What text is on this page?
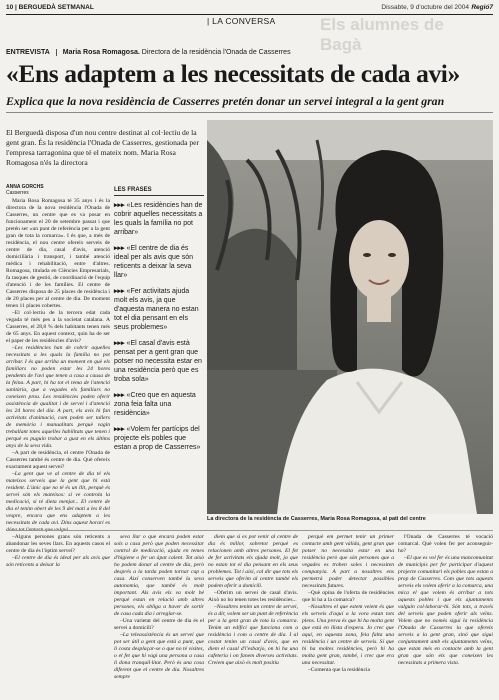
10 | BERGUEDÀ SETMANAL	Dissabte, 9 d'octubre del 2004 Regió7
| LA CONVERSA	Els alumnes de Bagà
ENTREVISTA Maria Rosa Romagosa. Directora de la residència l'Onada de Casserres
«Ens adaptem a les necessitats de cada avi»
Explica que la nova residència de Casserres pretén donar un servei integral a la gent gran
El Berguedà disposa d'un nou centre destinat al col·lectiu de la gent gran. És la residència l'Onada de Casserres, gestionada per l'empresa tarragonina que té el mateix nom. Maria Rosa Romagosa n'és la directora
ANNA GORCHS
Casserres

Maria Rosa Romagosa té 35 anys i és la directora de la nova residència l'Onada de Casserres, un centre que es va posar en funcionament el 20 de setembre passat i que pretén ser «un punt de referència per a la gent gran de tota la comarca». I és que, a més de residència, el nou centre ofereix serveis de centre de dia, casal d'avis, atenció domiciliària i transport, i també atenció mèdica i rehabilitació, entre d'altres. Romagosa, titulada en Ciències Empresarials, fa tasques de gestió, de coordinació de l'equip d'atenció i de les famílies. El centre de Casserres disposa de 25 places de residència i de 20 places per al centre de dia. De moment tenen 11 places cobertes.

–El col·lectiu de la tercera edat cada vegada té més pes a la societat catalana. A Casserres, el 28,8 % dels habitants tenen més de 65 anys. En aquest context, quin ha de ser el paper de les residències d'avis?

–Les residències han de cobrir aquelles necessitats a les quals la família no pot arribar. I és que arriba un moment en què els familiars no poden estar les 24 hores pendents de l'avi que tenen a casa a causa de la feina. A part, hi ha tot el tema de l'atenció sanitària, que a vegades els familiars no coneixen prou. Les residències poden oferir assistència de qualitat i de servei i d'atenció les 24 hores del dia. A part, els avis hi fan activitats d'animació, com poden ser tallers de memòria i manualitats perquè vagin treballant totes aquelles habilitats que tenen i perquè es puguin trobar a gust en els últims anys de la seva vida.

–A part de residència, el centre l'Onada de Casserres també és centre de dia. Què ofereix exactament aquest servei?

–La gent que ve al centre de dia té els mateixos serveis que la gent que hi està resident. L'únic que no té és un llit, perquè és servei són els mateixos: si ve controla la medicació, si té dieta menjar... El centre de dia el tenim obert de les 9 del matí a les 8 del vespre, encara que ens adaptem a les necessitats de cada avi. Dins aquest horari es

–Alguns persones grans són reticents a abandonar les seves llars. En aquests casos el centre de dia és l'òptim servei?

–El centre de dia és ideal per als avis que són reticents a deixar la

LES FRASES
▸▸▸ «Les residències han de cobrir aquelles necessitats a les quals la família no pot arribar»
▸▸▸ «El centre de dia és ideal per als avis que són reticents a deixar la seva llar»
▸▸▸ «Fer activitats ajuda molt els avis, ja que d'aquesta manera no estan tot el dia pensant en els seus problemes»
▸▸▸ «El casal d'avis està pensat per a gent gran que potser no necessita estar en una residència però que es troba sola»
▸▸▸ «Creo que en aquesta zona feia falta una residència»
▸▸▸ «Volem fer partícips del projecte els pobles que estan a prop de Casserres»
La directora de la residència de Casserres, Maria Rosa Romagosa, al pati del centre

seva llar o que encara poden estar sols a casa però que poden necessitar control de medicació, ajuda en temes d'higiene o fer un àpat calent. Tot això ho podem donar al centre de dia, però després a la tarda poden tornar cap a casa. Així conserven també la seva autonomia, que també és molt important. Als avis els va molt bé perquè estan en relació amb altres persones, els obliga a haver de sortir de casa cada dia i arreglar-se.

–Una varietat del centre de dia és el servei a domicili?

–La teleassistència és un servei que pot ser útil a gent que està a punt, que li costa desplaçar-se o que no té visites, o el fet que hi vagi una persona a casa li dona tranquil·litat. Però és una cosa diferent que el centre de dia. Nosaltres sempre

diem que si es pot venir al centre de dia és millor, sobretot perquè es relacionen amb altres persones. El fet de fer activitats els ajuda molt, ja que no estan tot el dia pensant en els seus problemes. Tot i així, cal dir que tots els serveis que oferim al centre també els podem oferir a domicili.

–Oferim un servei de casal d'avis. Això no ho tenen totes les residències...

–Nosaltres tenim un centre de servei, és a dir, volem ser un punt de referència per a la gent gran de tota la comarca. Tenim un edifici que funciona com a residència i com a centre de dia. I al costat tenim un casal d'avis, que en diem el casal d'l'esbarjo, on hi ha una cafeteria i on fanem diverses activitats. Creiem que això és molt positiu

perquè em permet tenir un primer contacte amb gent vàlida, gent gran que potser no necessita estar en una residència però que són persones que a vegades es troben soles i necessiten companyia. A part a nosaltres ens permetrà poder detectar possibles necessitats futures.

–Què opina de l'oferta de residències que hi ha a la comarca?

–Nosaltres el que estem veient és que els serveis d'aquí a la vora estan tots plens. Una prova és que hi ha molta gent que està en llista d'espera. Jo crec que aquí, en aquesta zona, feia falta una residència i un centre de serveis. Sí que hi ha moltes residències, però hi ha molta gent gran, també, i crec que era una necessitat.

–Comenta que la residència

l'Onada de Casserres té vocació comarcal. Què volen fer per aconseguir-ho?

–El que es vol fer és una mancomunitat de municipis per fer participar d'aquest projecte comunitari els pobles que estan a prop de Casserres. Com que tots aquests serveis els volem oferir a la comarca, una mica el que volem és arribar a tots aquests pobles i que els ajuntaments valguin col·laborar-hi. Són tots, a través del serveis que poden oferir als veïns. Volem que no només sigui la residència l'Onada de Casserres la que ofereix serveis a la gent gran, sinó que siguí conjuntament amb els ajuntaments veïns, que estan més en contacte amb la gent gran que són els que coneixen les necessitats a primera vista.
